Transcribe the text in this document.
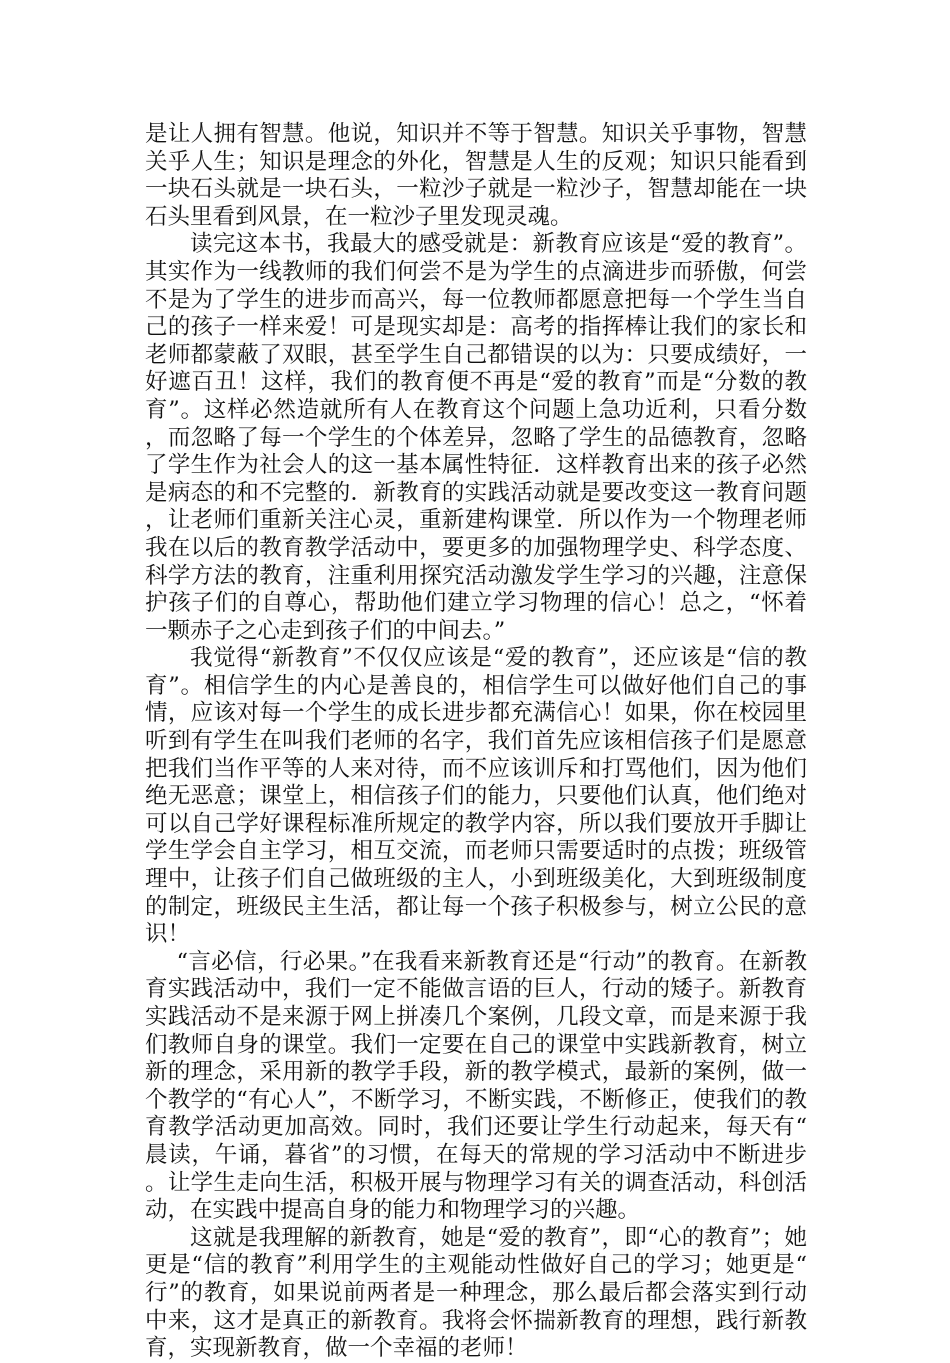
是让人拥有智慧。他说，知识并不等于智慧。知识关乎事物，智慧关乎人生；知识是理念的外化，智慧是人生的反观；知识只能看到一块石头就是一块石头，一粒沙子就是一粒沙子，智慧却能在一块石头里看到风景，在一粒沙子里发现灵魂。

读完这本书，我最大的感受就是：新教育应该是“爱的教育”。其实作为一线教师的我们何尝不是为学生的点滴进步而骄傲，何尝不是为了学生的进步而高兴，每一位教师都愿意把每一个学生当自己的孩子一样来爱！可是现实却是：高考的指挥棒让我们的家长和老师都蒙蔽了双眼，甚至学生自己都错误的以为：只要成绩好，一好遮百丑！这样，我们的教育便不再是“爱的教育”而是“分数的教育”。这样必然造就所有人在教育这个问题上急功近利，只看分数，而忽略了每一个学生的个体差异，忽略了学生的品德教育，忽略了学生作为社会人的这一基本属性特征．这样教育出来的孩子必然是病态的和不完整的．新教育的实践活动就是要改变这一教育问题，让老师们重新关注心灵，重新建构课堂．所以作为一个物理老师我在以后的教育教学活动中，要更多的加强物理学史、科学态度、科学方法的教育，注重利用探究活动激发学生学习的兴趣，注意保护孩子们的自尊心，帮助他们建立学习物理的信心！总之，“怀着一颗赤子之心走到孩子们的中间去。”

我觉得“新教育”不仅仅应该是“爱的教育”，还应该是“信的教育”。相信学生的内心是善良的，相信学生可以做好他们自己的事情，应该对每一个学生的成长进步都充满信心！如果，你在校园里听到有学生在叫我们老师的名字，我们首先应该相信孩子们是愿意把我们当作平等的人来对待，而不应该训斥和打骂他们，因为他们绝无恶意；课堂上，相信孩子们的能力，只要他们认真，他们绝对可以自己学好课程标准所规定的教学内容，所以我们要放开手脚让学生学会自主学习，相互交流，而老师只需要适时的点拨；班级管理中，让孩子们自己做班级的主人，小到班级美化，大到班级制度的制定，班级民主生活，都让每一个孩子积极参与，树立公民的意识！

“言必信，行必果。”在我看来新教育还是“行动”的教育。在新教育实践活动中，我们一定不能做言语的巨人，行动的矮子。新教育实践活动不是来源于网上拼凑几个案例，几段文章，而是来源于我们教师自身的课堂。我们一定要在自己的课堂中实践新教育，树立新的理念，采用新的教学手段，新的教学模式，最新的案例，做一个教学的“有心人”，不断学习，不断实践，不断修正，使我们的教育教学活动更加高效。同时，我们还要让学生行动起来，每天有“晨读，午诵，暮省”的习惯，在每天的常规的学习活动中不断进步。让学生走向生活，积极开展与物理学习有关的调查活动，科创活动，在实践中提高自身的能力和物理学习的兴趣。

这就是我理解的新教育，她是“爱的教育”，即“心的教育”；她更是“信的教育”利用学生的主观能动性做好自己的学习；她更是“行”的教育，如果说前两者是一种理念，那么最后都会落实到行动中来，这才是真正的新教育。我将会怀揣新教育的理想，践行新教育，实现新教育，做一个幸福的老师！
